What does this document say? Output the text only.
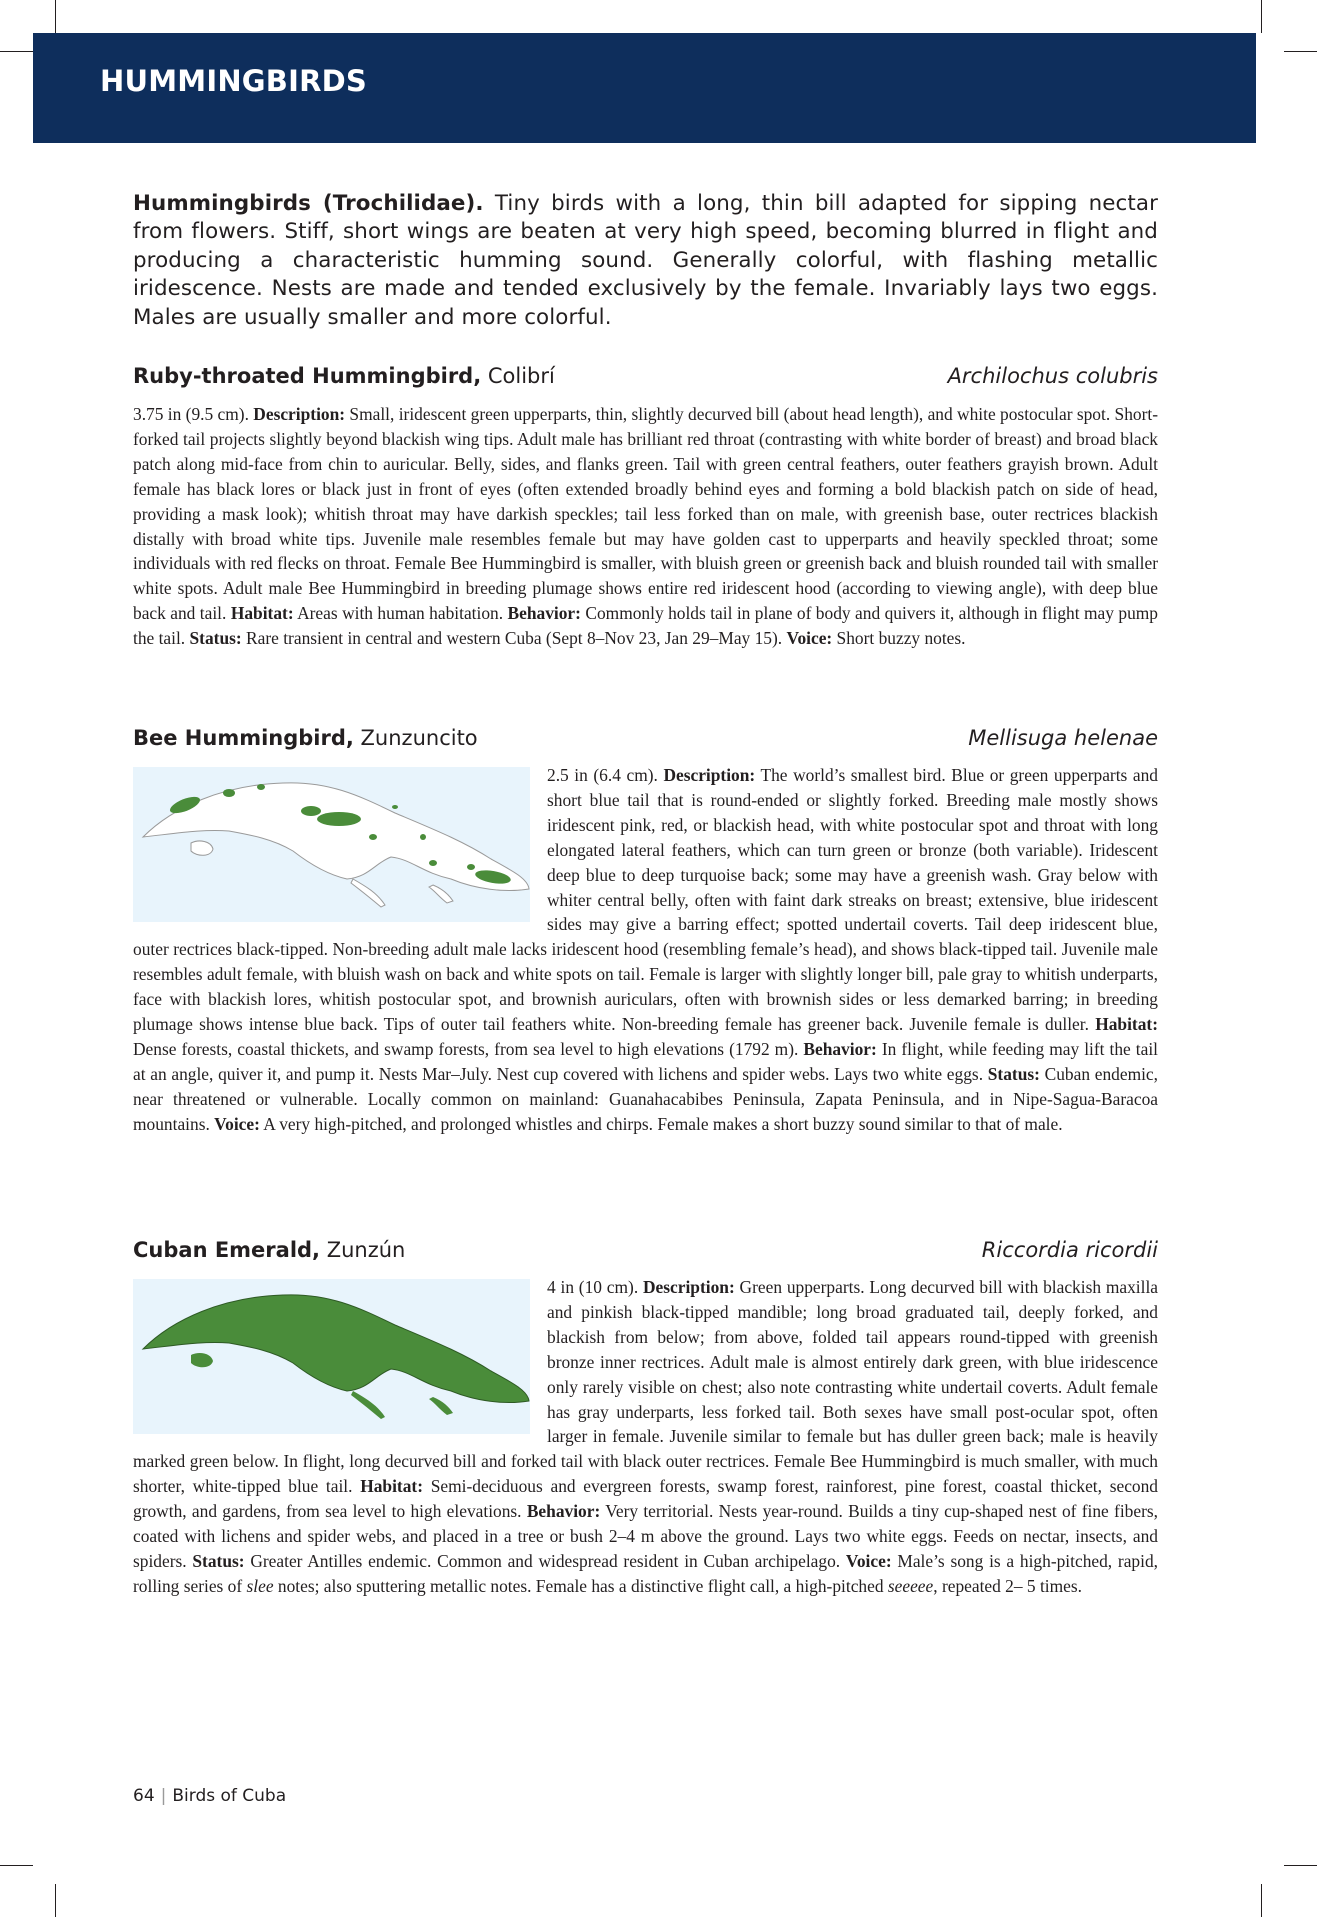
HUMMINGBIRDS

Hummingbirds (Trochilidae). Tiny birds with a long, thin bill adapted for sipping nectar from flowers. Stiff, short wings are beaten at very high speed, becoming blurred in flight and producing a characteristic humming sound. Generally colorful, with flashing metallic iridescence. Nests are made and tended exclusively by the female. Invariably lays two eggs. Males are usually smaller and more colorful.

Ruby-throated Hummingbird, Colibrí	Archilochus colubris

3.75 in (9.5 cm). Description: Small, iridescent green upperparts, thin, slightly decurved bill (about head length), and white postocular spot. Short-forked tail projects slightly beyond blackish wing tips. Adult male has brilliant red throat (contrasting with white border of breast) and broad black patch along mid-face from chin to auricular. Belly, sides, and flanks green. Tail with green central feathers, outer feathers grayish brown. Adult female has black lores or black just in front of eyes (often extended broadly behind eyes and forming a bold blackish patch on side of head, providing a mask look); whitish throat may have darkish speckles; tail less forked than on male, with greenish base, outer rectrices blackish distally with broad white tips. Juvenile male resembles female but may have golden cast to upperparts and heavily speckled throat; some individuals with red flecks on throat. Female Bee Hummingbird is smaller, with bluish green or greenish back and bluish rounded tail with smaller white spots. Adult male Bee Hummingbird in breeding plumage shows entire red iridescent hood (according to viewing angle), with deep blue back and tail. Habitat: Areas with human habitation. Behavior: Commonly holds tail in plane of body and quivers it, although in flight may pump the tail. Status: Rare transient in central and western Cuba (Sept 8–Nov 23, Jan 29–May 15). Voice: Short buzzy notes.

Bee Hummingbird, Zunzuncito	Mellisuga helenae
2.5 in (6.4 cm). Description: The world’s smallest bird. Blue or green upperparts and short blue tail that is round-ended or slightly forked. Breeding male mostly shows iridescent pink, red, or blackish head, with white postocular spot and throat with long elongated lateral feathers, which can turn green or bronze (both variable). Iridescent deep blue to deep turquoise back; some may have a greenish wash. Gray below with whiter central belly, often with faint dark streaks on breast; extensive, blue iridescent sides may give a barring effect; spotted undertail coverts. Tail deep iridescent blue, outer rectrices black-tipped. Non-breeding adult male lacks iridescent hood (resembling female’s head), and shows black-tipped tail. Juvenile male resembles adult female, with bluish wash on back and white spots on tail. Female is larger with slightly longer bill, pale gray to whitish underparts, face with blackish lores, whitish postocular spot, and brownish auriculars, often with brownish sides or less demarked barring; in breeding plumage shows intense blue back. Tips of outer tail feathers white. Non-breeding female has greener back. Juvenile female is duller. Habitat: Dense forests, coastal thickets, and swamp forests, from sea level to high elevations (1792 m). Behavior: In flight, while feeding may lift the tail at an angle, quiver it, and pump it. Nests Mar–July. Nest cup covered with lichens and spider webs. Lays two white eggs. Status: Cuban endemic, near threatened or vulnerable. Locally common on mainland: Guanahacabibes Peninsula, Zapata Peninsula, and in Nipe-Sagua-Baracoa mountains. Voice: A very high-pitched, and prolonged whistles and chirps. Female makes a short buzzy sound similar to that of male.
Cuban Emerald, Zunzún	Riccordia ricordii
4 in (10 cm). Description: Green upperparts. Long decurved bill with blackish maxilla and pinkish black-tipped mandible; long broad graduated tail, deeply forked, and blackish from below; from above, folded tail appears round-tipped with greenish bronze inner rectrices. Adult male is almost entirely dark green, with blue iridescence only rarely visible on chest; also note contrasting white undertail coverts. Adult female has gray underparts, less forked tail. Both sexes have small post-ocular spot, often larger in female. Juvenile similar to female but has duller green back; male is heavily marked green below. In flight, long decurved bill and forked tail with black outer rectrices. Female Bee Hummingbird is much smaller, with much shorter, white-tipped blue tail. Habitat: Semi-deciduous and evergreen forests, swamp forest, rainforest, pine forest, coastal thicket, second growth, and gardens, from sea level to high elevations. Behavior: Very territorial. Nests year-round. Builds a tiny cup-shaped nest of fine fibers, coated with lichens and spider webs, and placed in a tree or bush 2–4 m above the ground. Lays two white eggs. Feeds on nectar, insects, and spiders. Status: Greater Antilles endemic. Common and widespread resident in Cuban archipelago. Voice: Male’s song is a high-pitched, rapid, rolling series of slee notes; also sputtering metallic notes. Female has a distinctive flight call, a high-pitched seeeee, repeated 2– 5 times.
64 | Birds of Cuba
